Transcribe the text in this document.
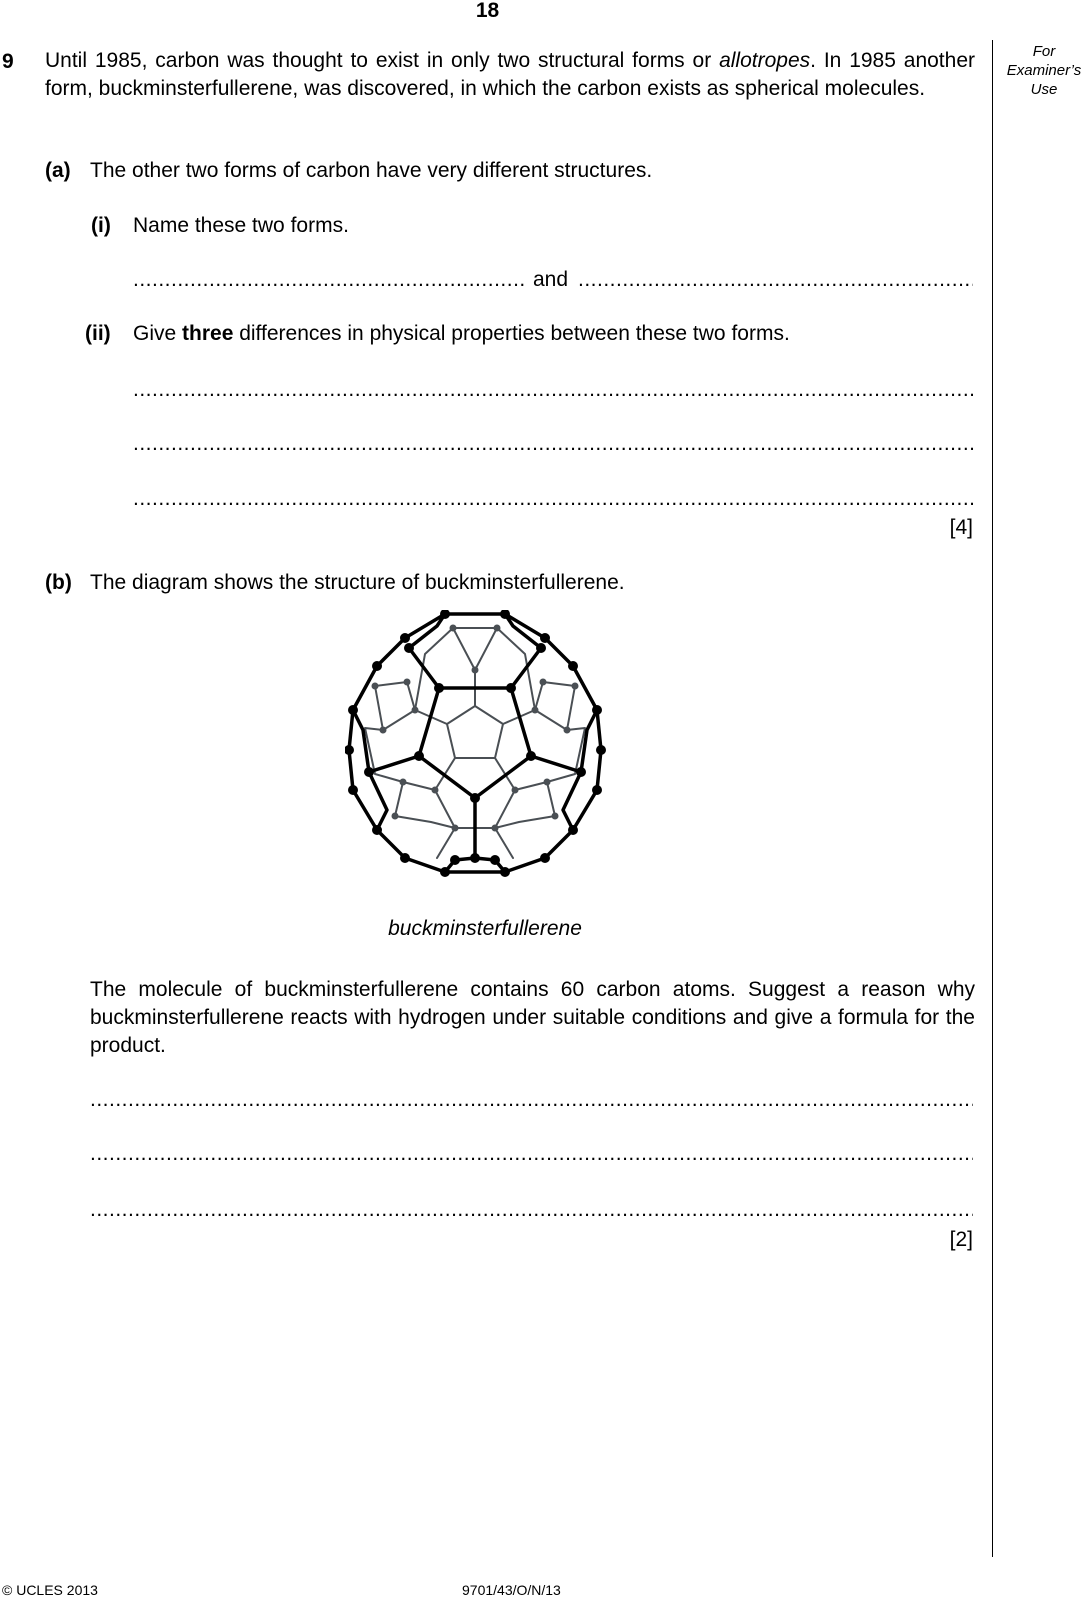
18
For
Examiner’s
Use
9 Until 1985, carbon was thought to exist in only two structural forms or allotropes. In 1985 another form, buckminsterfullerene, was discovered, in which the carbon exists as spherical molecules.
(a) The other two forms of carbon have very different structures.
(i) Name these two forms.
.....
and
.....
(ii) Give three differences in physical properties between these two forms.
.....
.....
.....
[4]
(b) The diagram shows the structure of buckminsterfullerene.
buckminsterfullerene
The molecule of buckminsterfullerene contains 60 carbon atoms. Suggest a reason why buckminsterfullerene reacts with hydrogen under suitable conditions and give a formula for the product.
.....
.....
.....
[2]
© UCLES 2013	9701/43/O/N/13
